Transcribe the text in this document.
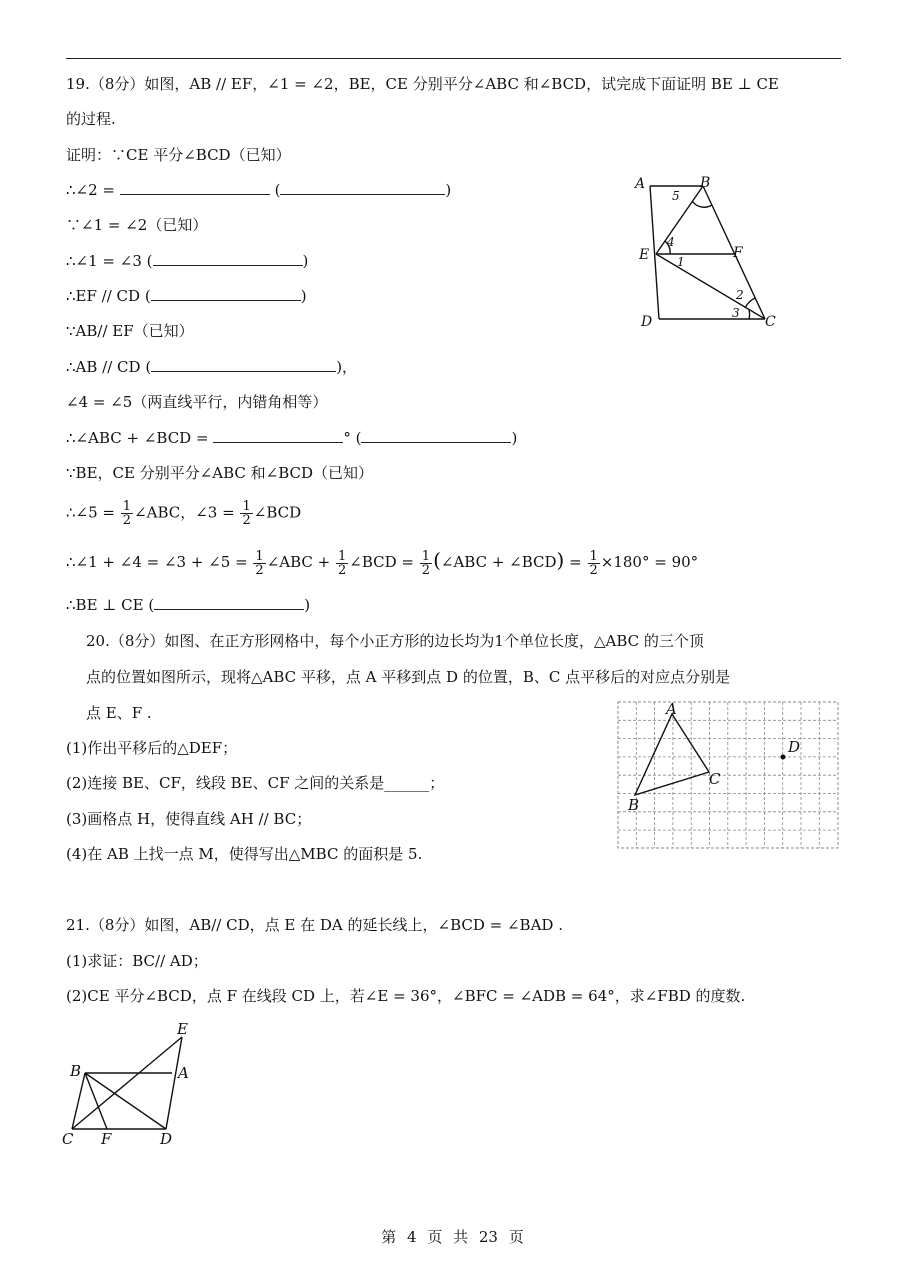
19.（8分）如图，AB // EF，∠1 = ∠2，BE，CE 分别平分∠ABC 和∠BCD，试完成下面证明 BE ⊥ CE
的过程.
证明：∵CE 平分∠BCD（已知）
∴∠2 =	(	)
∵∠1 = ∠2（已知）
∴∠1 = ∠3 (	)
∴EF // CD (	)
∵AB// EF（已知）
∴AB // CD (	)，
∠4 = ∠5（两直线平行，内错角相等）
∴∠ABC + ∠BCD =	° (	)
∵BE，CE 分别平分∠ABC 和∠BCD（已知）
∴∠5 = $\frac{1}{2}$ ∠ABC，∠3 = $\frac{1}{2}$ ∠BCD
∴∠1 + ∠4 = ∠3 + ∠5 = $\frac{1}{2}$ ∠ABC + $\frac{1}{2}$ ∠BCD = $\frac{1}{2}$ (∠ABC + ∠BCD) = $\frac{1}{2} \times 180^\circ = 90^\circ$
∴BE ⊥ CE (	)
A	B
E	F
D	C
5
4
1
2
3
20.（8分）如图、在正方形网格中，每个小正方形的边长均为1个单位长度，△ABC 的三个顶
点的位置如图所示，现将△ABC 平移，点 A 平移到点 D 的位置，B、C 点平移后的对应点分别是
点 E、F .
(1)作出平移后的△DEF；
(2)连接 BE、CF，线段 BE、CF 之间的关系是______；
(3)画格点 H，使得直线 AH // BC；
(4)在 AB 上找一点 M，使得写出△MBC 的面积是 5.
A
B
C
D
21.（8分）如图，AB// CD，点 E 在 DA 的延长线上，∠BCD = ∠BAD .
(1)求证：BC// AD；
(2)CE 平分∠BCD，点 F 在线段 CD 上，若∠E = 36°，∠BFC = ∠ADB = 64°，求∠FBD 的度数.
E
B	A
C F	D
第 4 页 共 23 页
